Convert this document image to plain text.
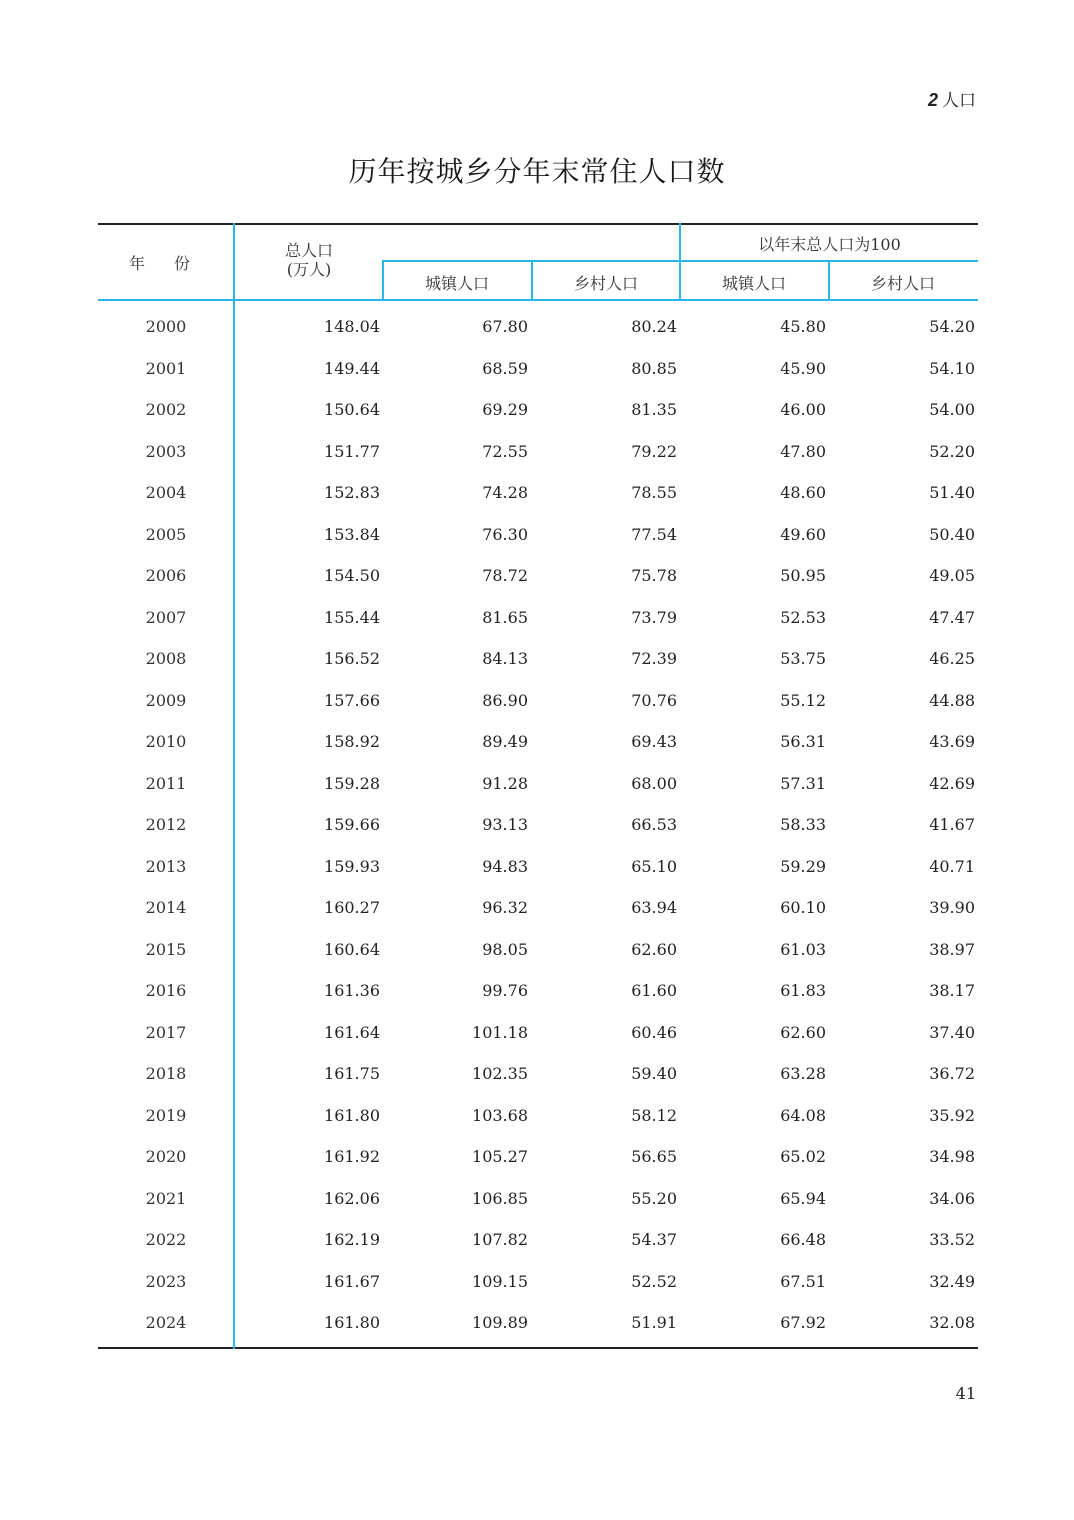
2 人口
历年按城乡分年末常住人口数
年 份
总人口
(万人)
城镇人口	乡村人口
以年末总人口为100
城镇人口	乡村人口
2000	148.04	67.80	80.24	45.80	54.20
2001	149.44	68.59	80.85	45.90	54.10
2002	150.64	69.29	81.35	46.00	54.00
2003	151.77	72.55	79.22	47.80	52.20
2004	152.83	74.28	78.55	48.60	51.40
2005	153.84	76.30	77.54	49.60	50.40
2006	154.50	78.72	75.78	50.95	49.05
2007	155.44	81.65	73.79	52.53	47.47
2008	156.52	84.13	72.39	53.75	46.25
2009	157.66	86.90	70.76	55.12	44.88
2010	158.92	89.49	69.43	56.31	43.69
2011	159.28	91.28	68.00	57.31	42.69
2012	159.66	93.13	66.53	58.33	41.67
2013	159.93	94.83	65.10	59.29	40.71
2014	160.27	96.32	63.94	60.10	39.90
2015	160.64	98.05	62.60	61.03	38.97
2016	161.36	99.76	61.60	61.83	38.17
2017	161.64	101.18	60.46	62.60	37.40
2018	161.75	102.35	59.40	63.28	36.72
2019	161.80	103.68	58.12	64.08	35.92
2020	161.92	105.27	56.65	65.02	34.98
2021	162.06	106.85	55.20	65.94	34.06
2022	162.19	107.82	54.37	66.48	33.52
2023	161.67	109.15	52.52	67.51	32.49
2024	161.80	109.89	51.91	67.92	32.08
41
